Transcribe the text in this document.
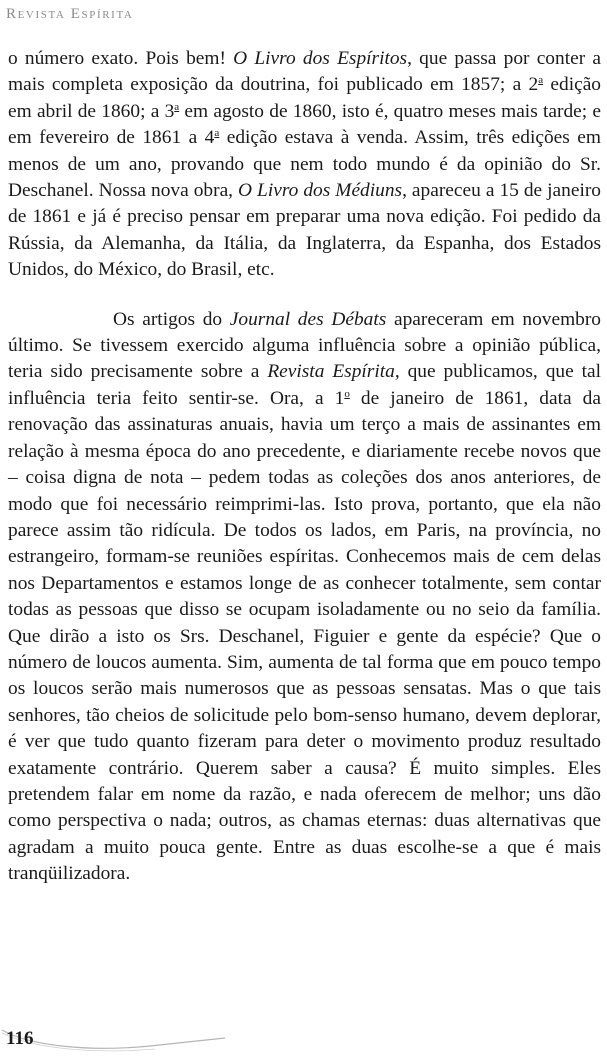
Revista Espírita

o número exato. Pois bem! O Livro dos Espíritos, que passa por conter a mais completa exposição da doutrina, foi publicado em 1857; a 2$^a$ edição em abril de 1860; a 3$^a$ em agosto de 1860, isto é, quatro meses mais tarde; e em fevereiro de 1861 a 4$^a$ edição estava à venda. Assim, três edições em menos de um ano, provando que nem todo mundo é da opinião do Sr. Deschanel. Nossa nova obra, O Livro dos Médiuns, apareceu a 15 de janeiro de 1861 e já é preciso pensar em preparar uma nova edição. Foi pedido da Rússia, da Alemanha, da Itália, da Inglaterra, da Espanha, dos Estados Unidos, do México, do Brasil, etc.

Os artigos do Journal des Débats apareceram em novembro último. Se tivessem exercido alguma influência sobre a opinião pública, teria sido precisamente sobre a Revista Espírita, que publicamos, que tal influência teria feito sentir-se. Ora, a 1$^o$ de janeiro de 1861, data da renovação das assinaturas anuais, havia um terço a mais de assinantes em relação à mesma época do ano precedente, e diariamente recebe novos que – coisa digna de nota – pedem todas as coleções dos anos anteriores, de modo que foi necessário reimprimi-las. Isto prova, portanto, que ela não parece assim tão ridícula. De todos os lados, em Paris, na província, no estrangeiro, formam-se reuniões espíritas. Conhecemos mais de cem delas nos Departamentos e estamos longe de as conhecer totalmente, sem contar todas as pessoas que disso se ocupam isoladamente ou no seio da família. Que dirão a isto os Srs. Deschanel, Figuier e gente da espécie? Que o número de loucos aumenta. Sim, aumenta de tal forma que em pouco tempo os loucos serão mais numerosos que as pessoas sensatas. Mas o que tais senhores, tão cheios de solicitude pelo bom-senso humano, devem deplorar, é ver que tudo quanto fizeram para deter o movimento produz resultado exatamente contrário. Querem saber a causa? É muito simples. Eles pretendem falar em nome da razão, e nada oferecem de melhor; uns dão como perspectiva o nada; outros, as chamas eternas: duas alternativas que agradam a muito pouca gente. Entre as duas escolhe-se a que é mais tranqüilizadora.

116
